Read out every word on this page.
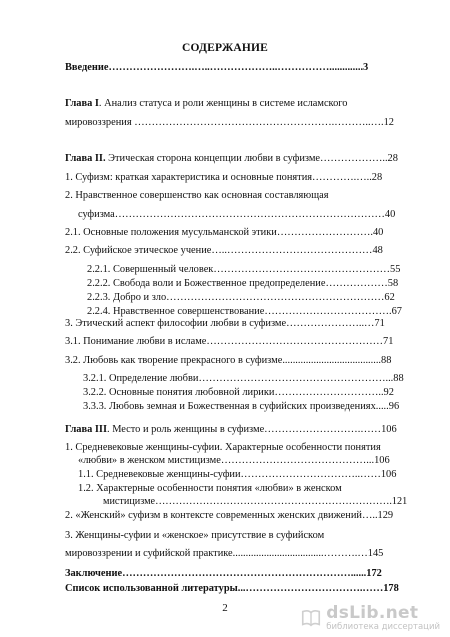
СОДЕРЖАНИЕ
Введение…………………….…..………………..…………….............3
Глава I. Анализ статуса и роли женщины в системе исламского
мировоззрения ………………………………………………….………..….12
Глава II. Этическая сторона концепции любви в суфизме………………..28
1. Суфизм: краткая характеристика и основные понятия………….…..28
2. Нравственное совершенство как основная составляющая
суфизма……………………………………………………………………40
2.1. Основные положения мусульманской этики……………………….40
2.2. Суфийское этическое учение…..……………………………………48
2.2.1. Совершенный человек……………………………………………55
2.2.2. Свобода воли и Божественное предопределение………………58
2.2.3. Добро и зло………………………………………………………62
2.2.4. Нравственное совершенствование……………………………….67
3. Этический аспект философии любви в суфизме…………………..…71
3.1. Понимание любви в исламе……………………………………………71
3.2. Любовь как творение прекрасного в суфизме......................................88
3.2.1. Определение любви………………………………………………...88
3.2.2. Основные понятия любовной лирики…………………………..92
3.3.3. Любовь земная и Божественная в суфийских произведениях.....96
Глава III. Место и роль женщины в суфизме……………………….……106
1. Средневековые женщины-суфии. Характерные особенности понятия
«любви» в женском мистицизме……………………………………...106
1.1. Средневековые женщины-суфии……………………………..……106
1.2. Характерные особенности понятия «любви» в женском
мистицизме…………………………………………………………….121
2. «Женский» суфизм в контексте современных женских движений…..129
3. Женщины-суфии и «женское» присутствие в суфийском
мировоззрении и суфийской практике...................................……….…145
Заключение…………………………………………………………......172
Список использованной литературы...…………………………….……178
2	dsLib.net
библиотека диссертаций
